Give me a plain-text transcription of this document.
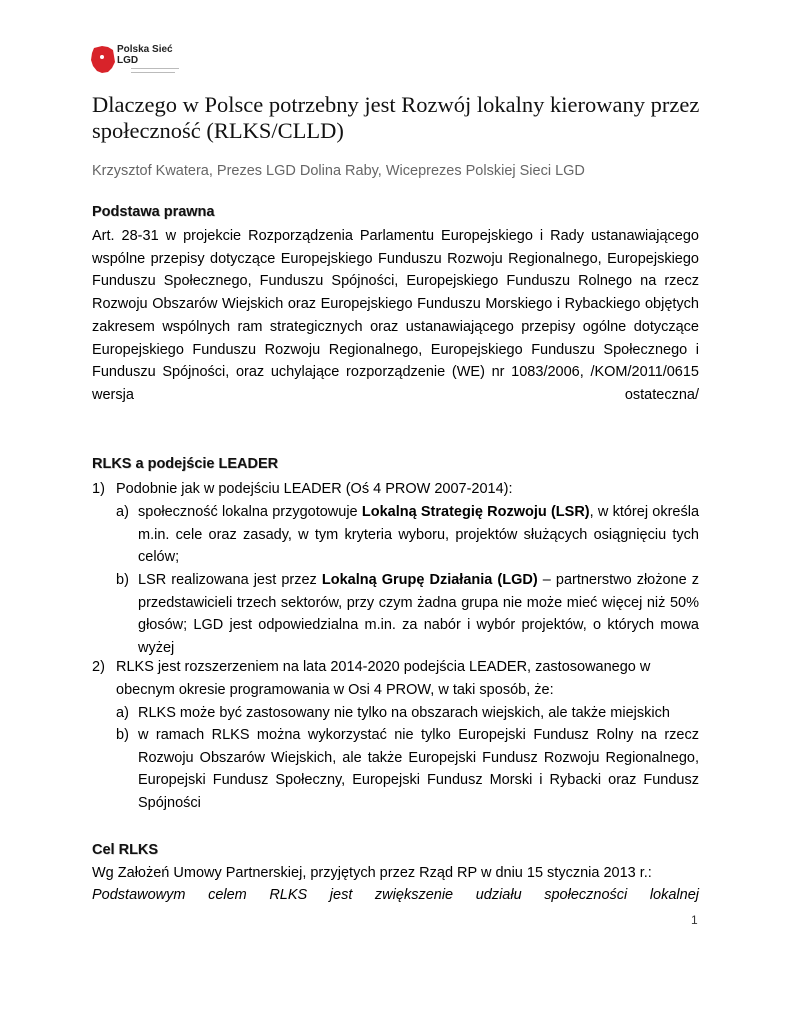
Polska Sieć
LGD
Dlaczego w Polsce potrzebny jest Rozwój lokalny kierowany przez społeczność (RLKS/CLLD)
Krzysztof Kwatera, Prezes LGD Dolina Raby, Wiceprezes Polskiej Sieci LGD
Podstawa prawna
Art. 28-31 w projekcie Rozporządzenia Parlamentu Europejskiego i Rady ustanawiającego wspólne przepisy dotyczące Europejskiego Funduszu Rozwoju Regionalnego, Europejskiego Funduszu Społecznego, Funduszu Spójności, Europejskiego Funduszu Rolnego na rzecz Rozwoju Obszarów Wiejskich oraz Europejskiego Funduszu Morskiego i Rybackiego objętych zakresem wspólnych ram strategicznych oraz ustanawiającego przepisy ogólne dotyczące Europejskiego Funduszu Rozwoju Regionalnego, Europejskiego Funduszu Społecznego i Funduszu Spójności, oraz uchylające rozporządzenie (WE) nr 1083/2006, /KOM/2011/0615 wersja ostateczna/
RLKS a podejście LEADER
1) Podobnie jak w podejściu LEADER (Oś 4 PROW 2007-2014):
a) społeczność lokalna przygotowuje Lokalną Strategię Rozwoju (LSR), w której określa m.in. cele oraz zasady, w tym kryteria wyboru, projektów służących osiągnięciu tych celów;
b) LSR realizowana jest przez Lokalną Grupę Działania (LGD) – partnerstwo złożone z przedstawicieli trzech sektorów, przy czym żadna grupa nie może mieć więcej niż 50% głosów; LGD jest odpowiedzialna m.in. za nabór i wybór projektów, o których mowa wyżej
2) RLKS jest rozszerzeniem na lata 2014-2020 podejścia LEADER, zastosowanego w obecnym okresie programowania w Osi 4 PROW, w taki sposób, że:
a) RLKS może być zastosowany nie tylko na obszarach wiejskich, ale także miejskich
b) w ramach RLKS można wykorzystać nie tylko Europejski Fundusz Rolny na rzecz Rozwoju Obszarów Wiejskich, ale także Europejski Fundusz Rozwoju Regionalnego, Europejski Fundusz Społeczny, Europejski Fundusz Morski i Rybacki oraz Fundusz Spójności
Cel RLKS
Wg Założeń Umowy Partnerskiej, przyjętych przez Rząd RP w dniu 15 stycznia 2013 r.:
Podstawowym celem RLKS jest zwiększenie udziału społeczności lokalnej
1
